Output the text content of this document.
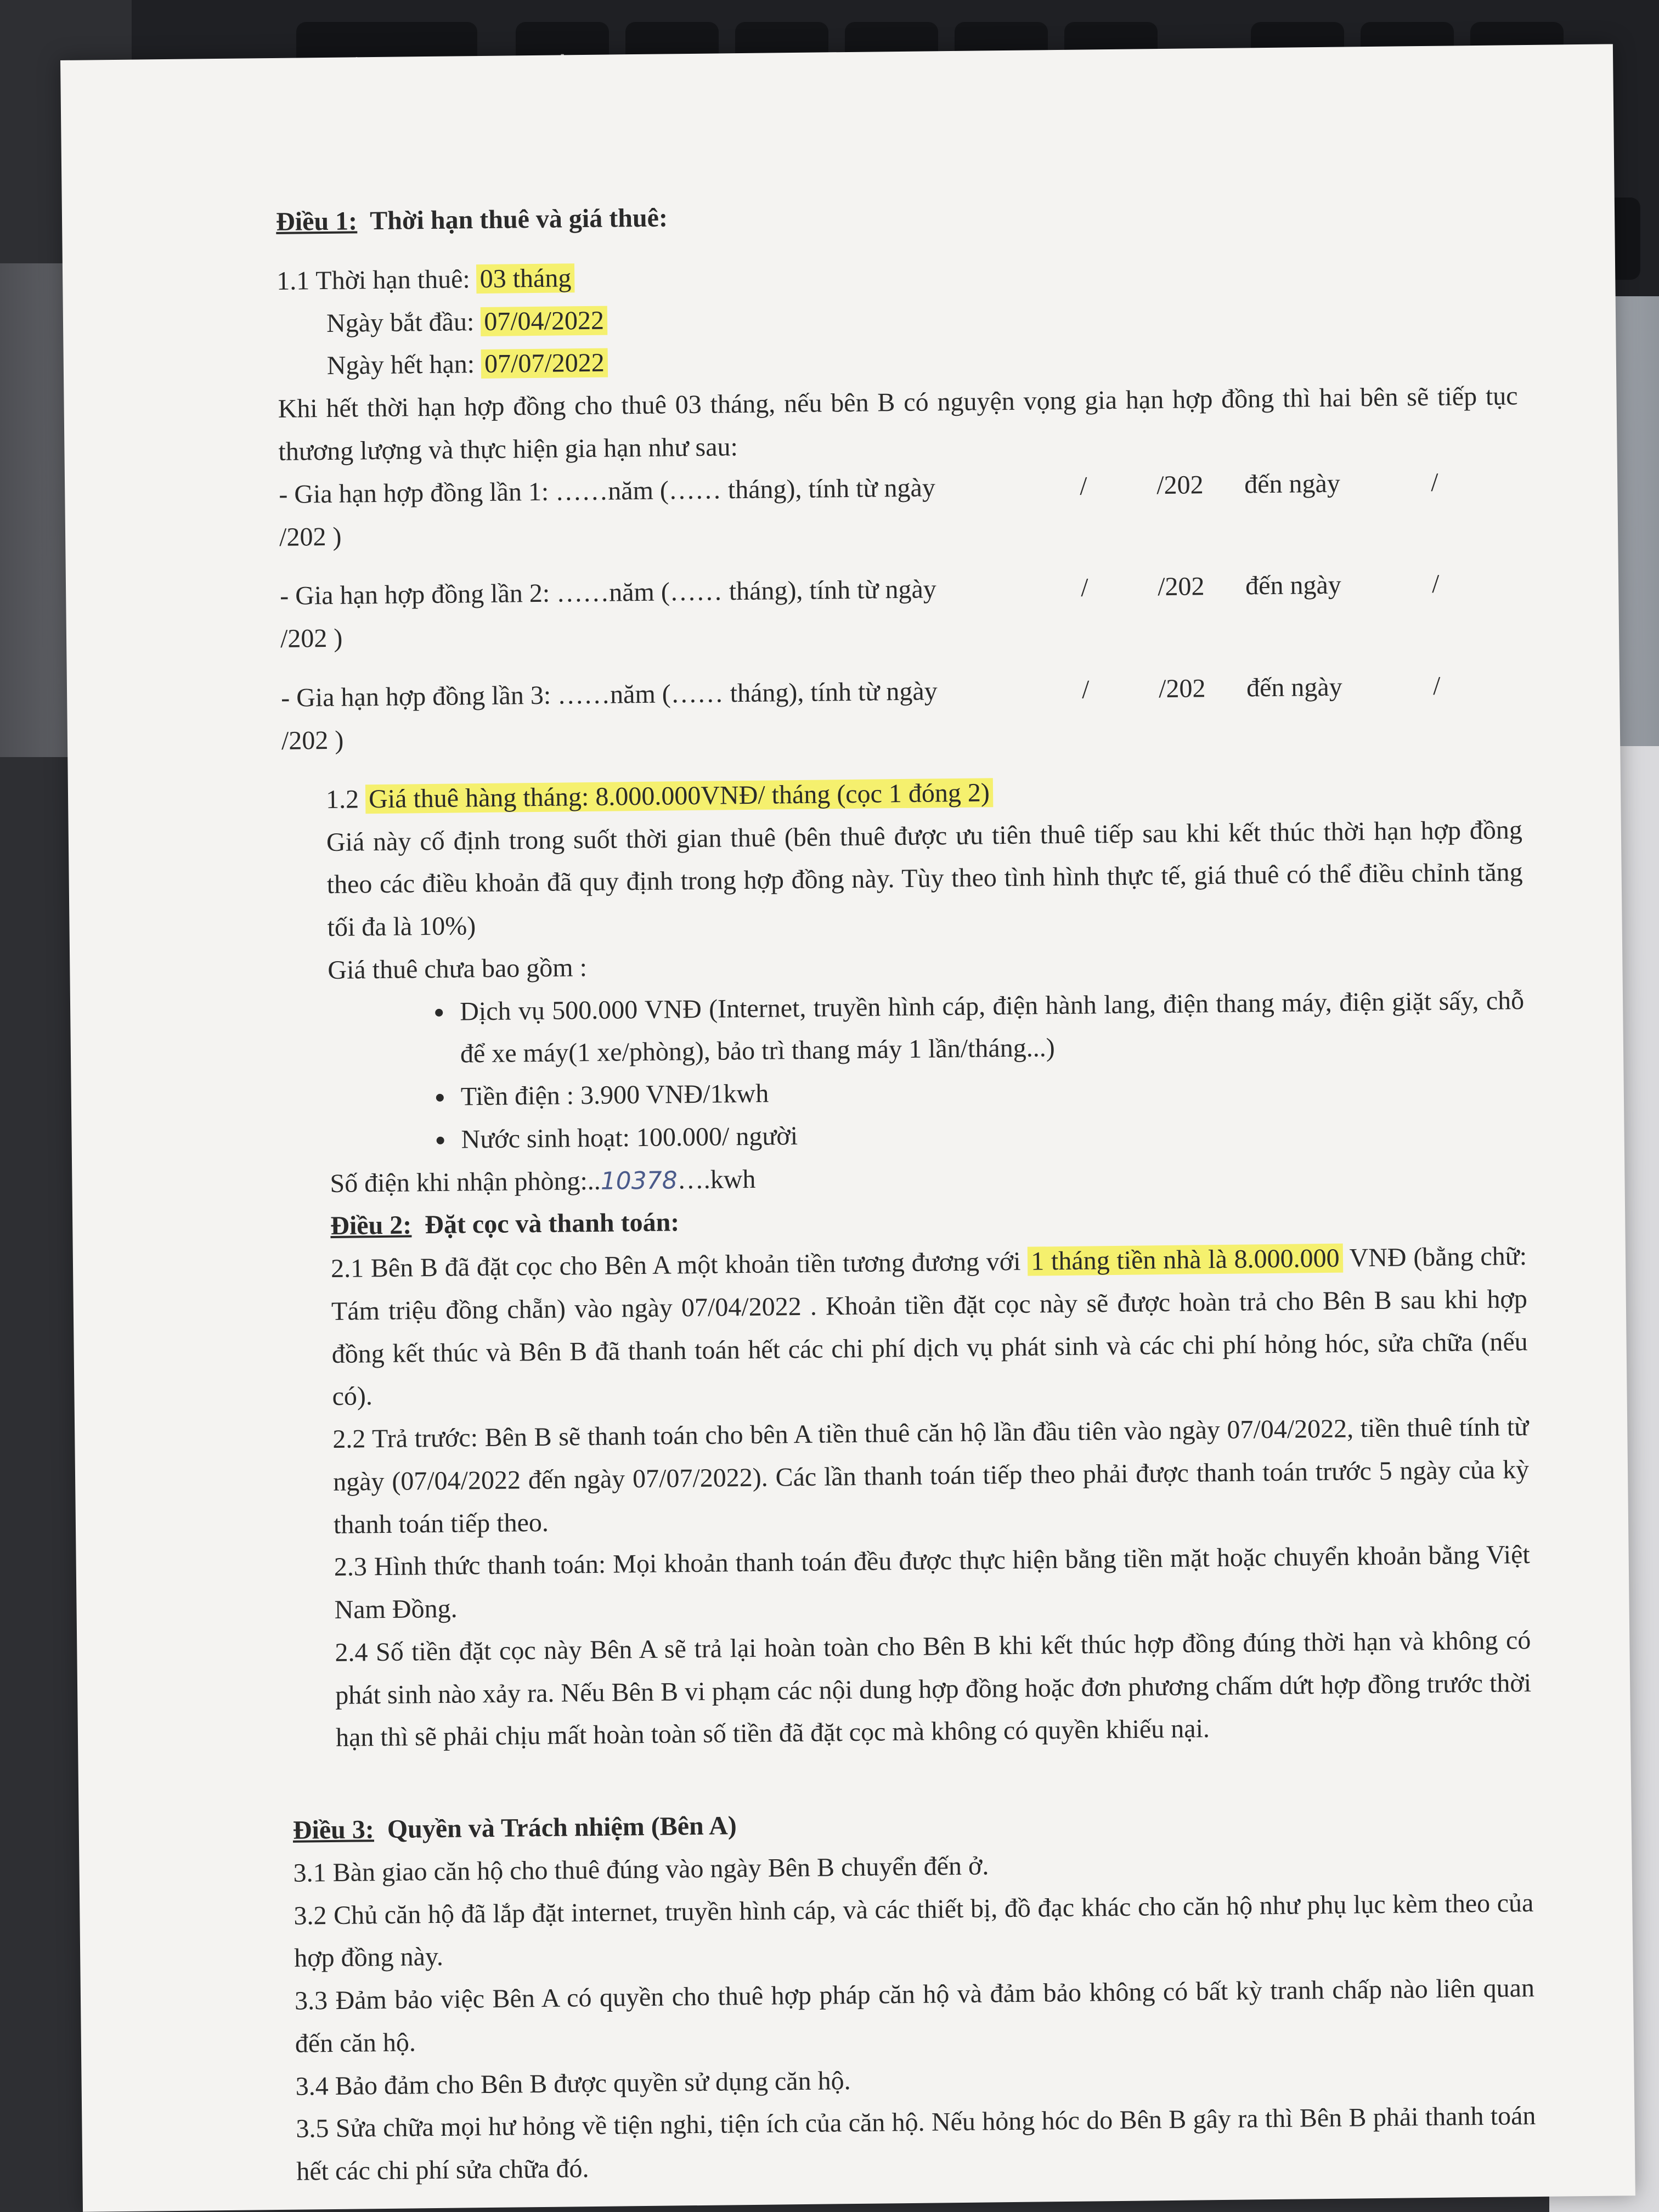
Điều 1: Thời hạn thuê và giá thuê:
1.1 Thời hạn thuê: 03 tháng
Ngày bắt đầu: 07/04/2022
Ngày hết hạn: 07/07/2022
Khi hết thời hạn hợp đồng cho thuê 03 tháng, nếu bên B có nguyện vọng gia hạn hợp đồng thì hai bên sẽ tiếp tục thương lượng và thực hiện gia hạn như sau:
- Gia hạn hợp đồng lần 1: ……năm (…… tháng), tính từ ngày	/	/202 đến ngày	/
/202 )
- Gia hạn hợp đồng lần 2: ……năm (…… tháng), tính từ ngày	/	/202 đến ngày	/
/202 )
- Gia hạn hợp đồng lần 3: ……năm (…… tháng), tính từ ngày	/	/202 đến ngày	/
/202 )
1.2 Giá thuê hàng tháng: 8.000.000VNĐ/ tháng (cọc 1 đóng 2)
Giá này cố định trong suốt thời gian thuê (bên thuê được ưu tiên thuê tiếp sau khi kết thúc thời hạn hợp đồng theo các điều khoản đã quy định trong hợp đồng này. Tùy theo tình hình thực tế, giá thuê có thể điều chỉnh tăng tối đa là 10%)
Giá thuê chưa bao gồm :
• Dịch vụ 500.000 VNĐ (Internet, truyền hình cáp, điện hành lang, điện thang máy, điện giặt sấy, chỗ để xe máy(1 xe/phòng), bảo trì thang máy 1 lần/tháng...)
• Tiền điện : 3.900 VNĐ/1kwh
• Nước sinh hoạt: 100.000/ người
Số điện khi nhận phòng:..10378….kwh
Điều 2: Đặt cọc và thanh toán:
2.1 Bên B đã đặt cọc cho Bên A một khoản tiền tương đương với 1 tháng tiền nhà là 8.000.000 VNĐ (bằng chữ: Tám triệu đồng chẵn) vào ngày 07/04/2022 . Khoản tiền đặt cọc này sẽ được hoàn trả cho Bên B sau khi hợp đồng kết thúc và Bên B đã thanh toán hết các chi phí dịch vụ phát sinh và các chi phí hỏng hóc, sửa chữa (nếu có).
2.2 Trả trước: Bên B sẽ thanh toán cho bên A tiền thuê căn hộ lần đầu tiên vào ngày 07/04/2022, tiền thuê tính từ ngày (07/04/2022 đến ngày 07/07/2022). Các lần thanh toán tiếp theo phải được thanh toán trước 5 ngày của kỳ thanh toán tiếp theo.
2.3 Hình thức thanh toán: Mọi khoản thanh toán đều được thực hiện bằng tiền mặt hoặc chuyển khoản bằng Việt Nam Đồng.
2.4 Số tiền đặt cọc này Bên A sẽ trả lại hoàn toàn cho Bên B khi kết thúc hợp đồng đúng thời hạn và không có phát sinh nào xảy ra. Nếu Bên B vi phạm các nội dung hợp đồng hoặc đơn phương chấm dứt hợp đồng trước thời hạn thì sẽ phải chịu mất hoàn toàn số tiền đã đặt cọc mà không có quyền khiếu nại.
Điều 3: Quyền và Trách nhiệm (Bên A)
3.1 Bàn giao căn hộ cho thuê đúng vào ngày Bên B chuyển đến ở.
3.2 Chủ căn hộ đã lắp đặt internet, truyền hình cáp, và các thiết bị, đồ đạc khác cho căn hộ như phụ lục kèm theo của hợp đồng này.
3.3 Đảm bảo việc Bên A có quyền cho thuê hợp pháp căn hộ và đảm bảo không có bất kỳ tranh chấp nào liên quan đến căn hộ.
3.4 Bảo đảm cho Bên B được quyền sử dụng căn hộ.
3.5 Sửa chữa mọi hư hỏng về tiện nghi, tiện ích của căn hộ. Nếu hỏng hóc do Bên B gây ra thì Bên B phải thanh toán hết các chi phí sửa chữa đó.
